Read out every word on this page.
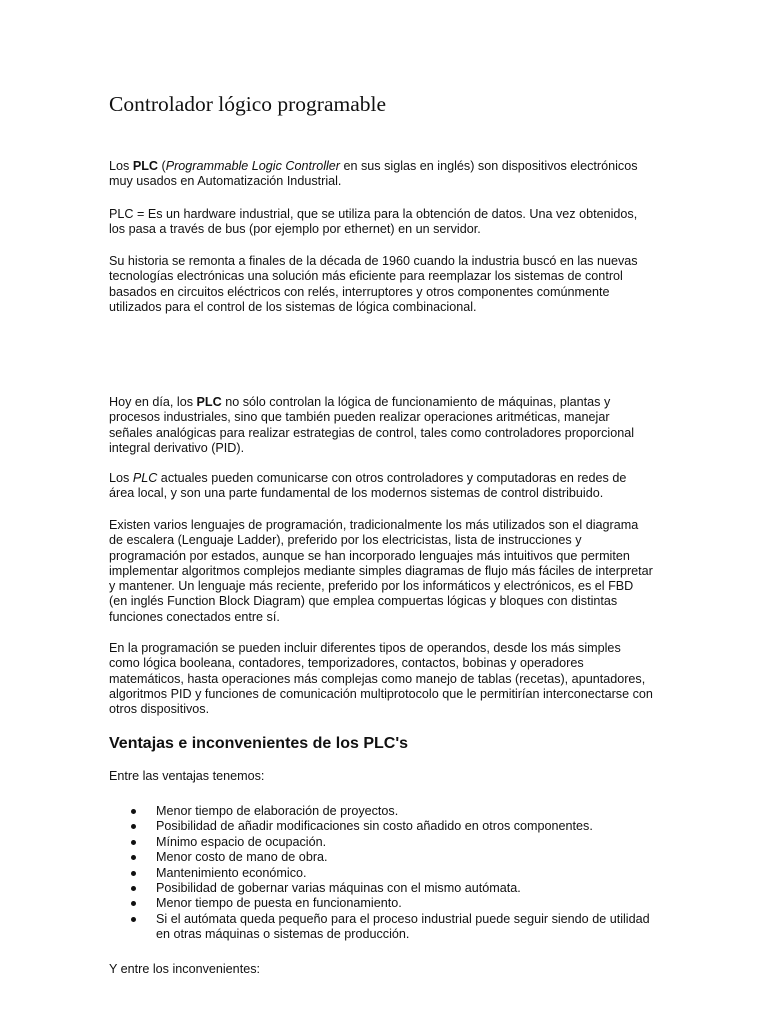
Controlador lógico programable

Los PLC (Programmable Logic Controller en sus siglas en inglés) son dispositivos electrónicos muy usados en Automatización Industrial.

PLC = Es un hardware industrial, que se utiliza para la obtención de datos. Una vez obtenidos, los pasa a través de bus (por ejemplo por ethernet) en un servidor.

Su historia se remonta a finales de la década de 1960 cuando la industria buscó en las nuevas tecnologías electrónicas una solución más eficiente para reemplazar los sistemas de control basados en circuitos eléctricos con relés, interruptores y otros componentes comúnmente utilizados para el control de los sistemas de lógica combinacional.

Hoy en día, los PLC no sólo controlan la lógica de funcionamiento de máquinas, plantas y procesos industriales, sino que también pueden realizar operaciones aritméticas, manejar señales analógicas para realizar estrategias de control, tales como controladores proporcional integral derivativo (PID).

Los PLC actuales pueden comunicarse con otros controladores y computadoras en redes de área local, y son una parte fundamental de los modernos sistemas de control distribuido.

Existen varios lenguajes de programación, tradicionalmente los más utilizados son el diagrama de escalera (Lenguaje Ladder), preferido por los electricistas, lista de instrucciones y programación por estados, aunque se han incorporado lenguajes más intuitivos que permiten implementar algoritmos complejos mediante simples diagramas de flujo más fáciles de interpretar y mantener. Un lenguaje más reciente, preferido por los informáticos y electrónicos, es el FBD (en inglés Function Block Diagram) que emplea compuertas lógicas y bloques con distintas funciones conectados entre sí.

En la programación se pueden incluir diferentes tipos de operandos, desde los más simples como lógica booleana, contadores, temporizadores, contactos, bobinas y operadores matemáticos, hasta operaciones más complejas como manejo de tablas (recetas), apuntadores, algoritmos PID y funciones de comunicación multiprotocolo que le permitirían interconectarse con otros dispositivos.

Ventajas e inconvenientes de los PLC's

Entre las ventajas tenemos:

Menor tiempo de elaboración de proyectos.
Posibilidad de añadir modificaciones sin costo añadido en otros componentes.
Mínimo espacio de ocupación.
Menor costo de mano de obra.
Mantenimiento económico.
Posibilidad de gobernar varias máquinas con el mismo autómata.
Menor tiempo de puesta en funcionamiento.
Si el autómata queda pequeño para el proceso industrial puede seguir siendo de utilidad en otras máquinas o sistemas de producción.

Y entre los inconvenientes:
